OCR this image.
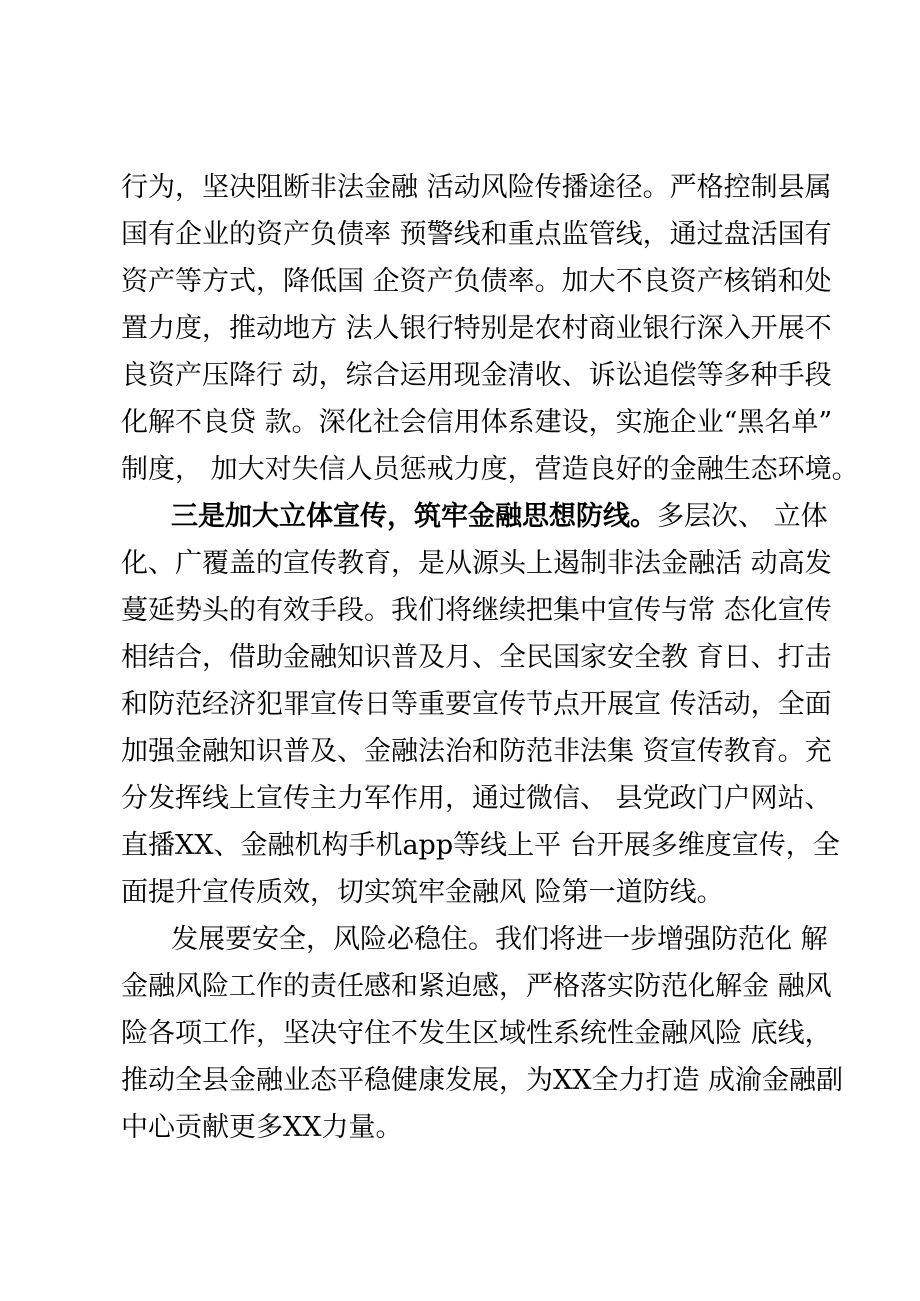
行为，坚决阻断非法金融 活动风险传播途径。严格控制县属
国有企业的资产负债率 预警线和重点监管线，通过盘活国有
资产等方式，降低国 企资产负债率。加大不良资产核销和处
置力度，推动地方 法人银行特别是农村商业银行深入开展不
良资产压降行 动，综合运用现金清收、诉讼追偿等多种手段
化解不良贷 款。深化社会信用体系建设，实施企业“黑名单”
制度， 加大对失信人员惩戒力度，营造良好的金融生态环境。
三是加大立体宣传，筑牢金融思想防线。多层次、 立体
化、广覆盖的宣传教育，是从源头上遏制非法金融活 动高发
蔓延势头的有效手段。我们将继续把集中宣传与常 态化宣传
相结合，借助金融知识普及月、全民国家安全教 育日、打击
和防范经济犯罪宣传日等重要宣传节点开展宣 传活动，全面
加强金融知识普及、金融法治和防范非法集 资宣传教育。充
分发挥线上宣传主力军作用，通过微信、 县党政门户网站、
直播XX、金融机构手机app等线上平 台开展多维度宣传，全
面提升宣传质效，切实筑牢金融风 险第一道防线。
发展要安全，风险必稳住。我们将进一步增强防范化 解
金融风险工作的责任感和紧迫感，严格落实防范化解金 融风
险各项工作，坚决守住不发生区域性系统性金融风险 底线，
推动全县金融业态平稳健康发展，为XX全力打造 成渝金融副
中心贡献更多XX力量。
